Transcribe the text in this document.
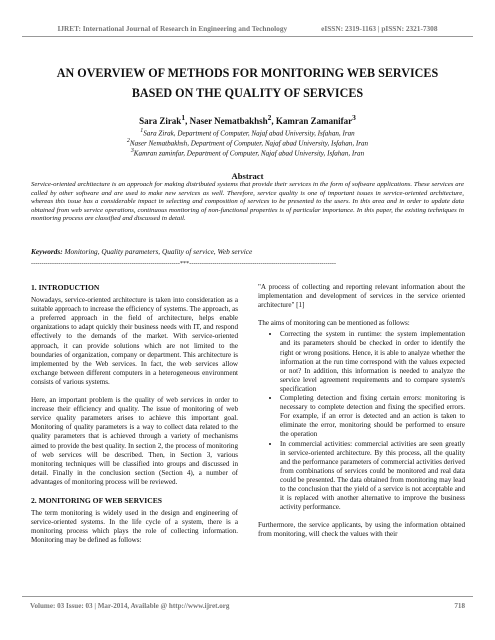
IJRET: International Journal of Research in Engineering and Technology	eISSN: 2319-1163 | pISSN: 2321-7308
AN OVERVIEW OF METHODS FOR MONITORING WEB SERVICES
BASED ON THE QUALITY OF SERVICES
Sara Zirak$^1$, Naser Nematbakhsh$^2$, Kamran Zamanifar$^3$
$^1$Sara Zirak, Department of Computer, Najaf abad University, Isfahan, Iran
$^2$Naser Nematbakhsh, Department of Computer, Najaf abad University, Isfahan, Iran
$^3$Kamran zaminfar, Department of Computer, Najaf abad University, Isfahan, Iran
Abstract
Service-oriented architecture is an approach for making distributed systems that provide their services in the form of software applications. These services are called by other software and are used to make new services as well. Therefore, service quality is one of important issues in service-oriented architecture, whereas this issue has a considerable impact in selecting and composition of services to be presented to the users. In this area and in order to update data obtained from web service operations, continuous monitoring of non-functional properties is of particular importance. In this paper, the existing techniques in monitoring process are classified and discussed in detail.
Keywords: Monitoring, Quality parameters, Quality of service, Web service
-----------------------------------------------------------------------***----------------------------------------------------------------------
1. INTRODUCTION

Nowadays, service-oriented architecture is taken into consideration as a suitable approach to increase the efficiency of systems. The approach, as a preferred approach in the field of architecture, helps enable organizations to adapt quickly their business needs with IT, and respond effectively to the demands of the market. With service-oriented approach, it can provide solutions which are not limited to the boundaries of organization, company or department. This architecture is implemented by the Web services. In fact, the web services allow exchange between different computers in a heterogeneous environment consists of various systems.

Here, an important problem is the quality of web services in order to increase their efficiency and quality. The issue of monitoring of web service quality parameters arises to achieve this important goal. Monitoring of quality parameters is a way to collect data related to the quality parameters that is achieved through a variety of mechanisms aimed to provide the best quality. In section 2, the process of monitoring of web services will be described. Then, in Section 3, various monitoring techniques will be classified into groups and discussed in detail. Finally in the conclusion section (Section 4), a number of advantages of monitoring process will be reviewed.

2. MONITORING OF WEB SERVICES

The term monitoring is widely used in the design and engineering of service-oriented systems. In the life cycle of a system, there is a monitoring process which plays the role of collecting information. Monitoring may be defined as follows:

"A process of collecting and reporting relevant information about the implementation and development of services in the service oriented architecture" [1]

The aims of monitoring can be mentioned as follows:

• Correcting the system in runtime: the system implementation and its parameters should be checked in order to identify the right or wrong positions. Hence, it is able to analyze whether the information at the run time correspond with the values expected or not? In addition, this information is needed to analyze the service level agreement requirements and to compare system's specification
• Completing detection and fixing certain errors: monitoring is necessary to complete detection and fixing the specified errors. For example, if an error is detected and an action is taken to eliminate the error, monitoring should be performed to ensure the operation
• In commercial activities: commercial activities are seen greatly in service-oriented architecture. By this process, all the quality and the performance parameters of commercial activities derived from combinations of services could be monitored and real data could be presented. The data obtained from monitoring may lead to the conclusion that the yield of a service is not acceptable and it is replaced with another alternative to improve the business activity performance.

Furthermore, the service applicants, by using the information obtained from monitoring, will check the values with their

Volume: 03 Issue: 03 | Mar-2014, Available @ http://www.ijret.org	718
